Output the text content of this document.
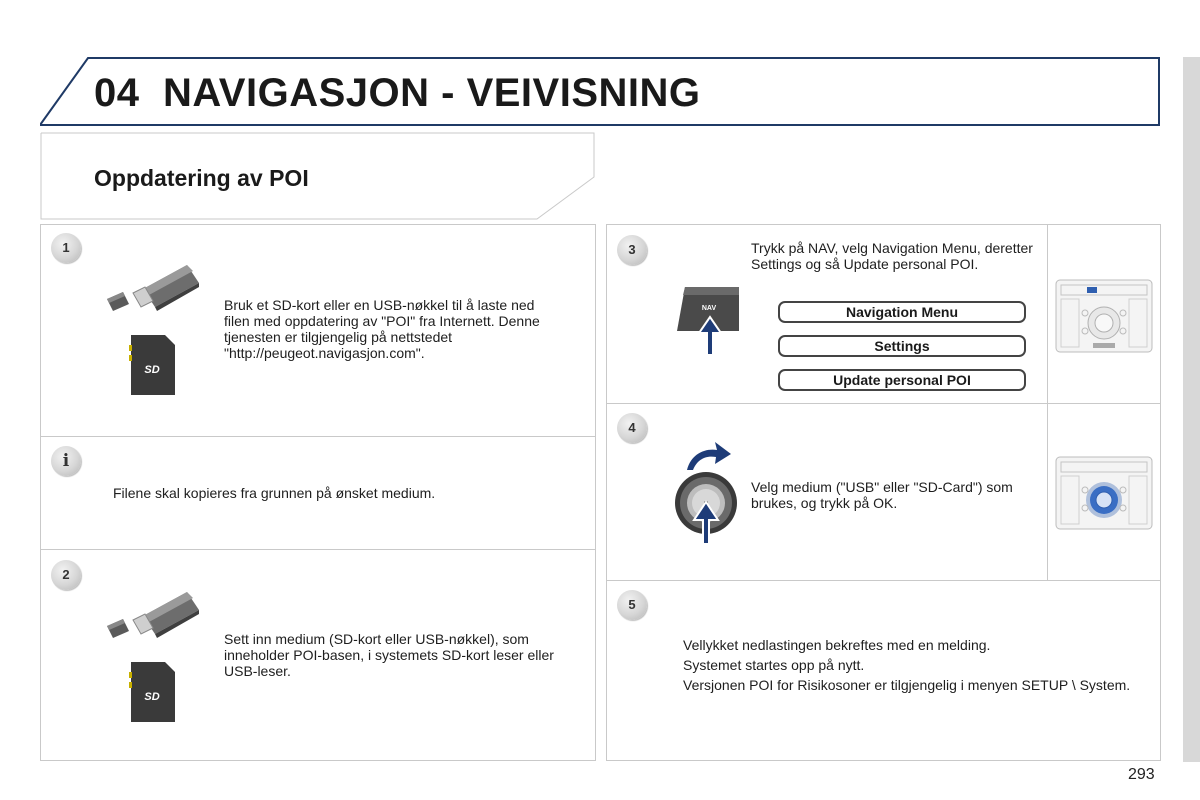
04 NAVIGASJON - VEIVISNING
Oppdatering av POI
1
SD
Bruk et SD-kort eller en USB-nøkkel til å laste ned filen med oppdatering av "POI" fra Internett. Denne tjenesten er tilgjengelig på nettstedet "http://peugeot.navigasjon.com".
i
Filene skal kopieres fra grunnen på ønsket medium.
2
SD
Sett inn medium (SD-kort eller USB-nøkkel), som inneholder POI-basen, i systemets SD-kort leser eller USB-leser.
3
NAV
Trykk på NAV, velg Navigation Menu, deretter Settings og så Update personal POI.
Navigation Menu
Settings
Update personal POI
4
Velg medium ("USB" eller "SD-Card") som brukes, og trykk på OK.
5
Vellykket nedlastingen bekreftes med en melding.
Systemet startes opp på nytt.
Versjonen POI for Risikosoner er tilgjengelig i menyen SETUP \ System.
293
